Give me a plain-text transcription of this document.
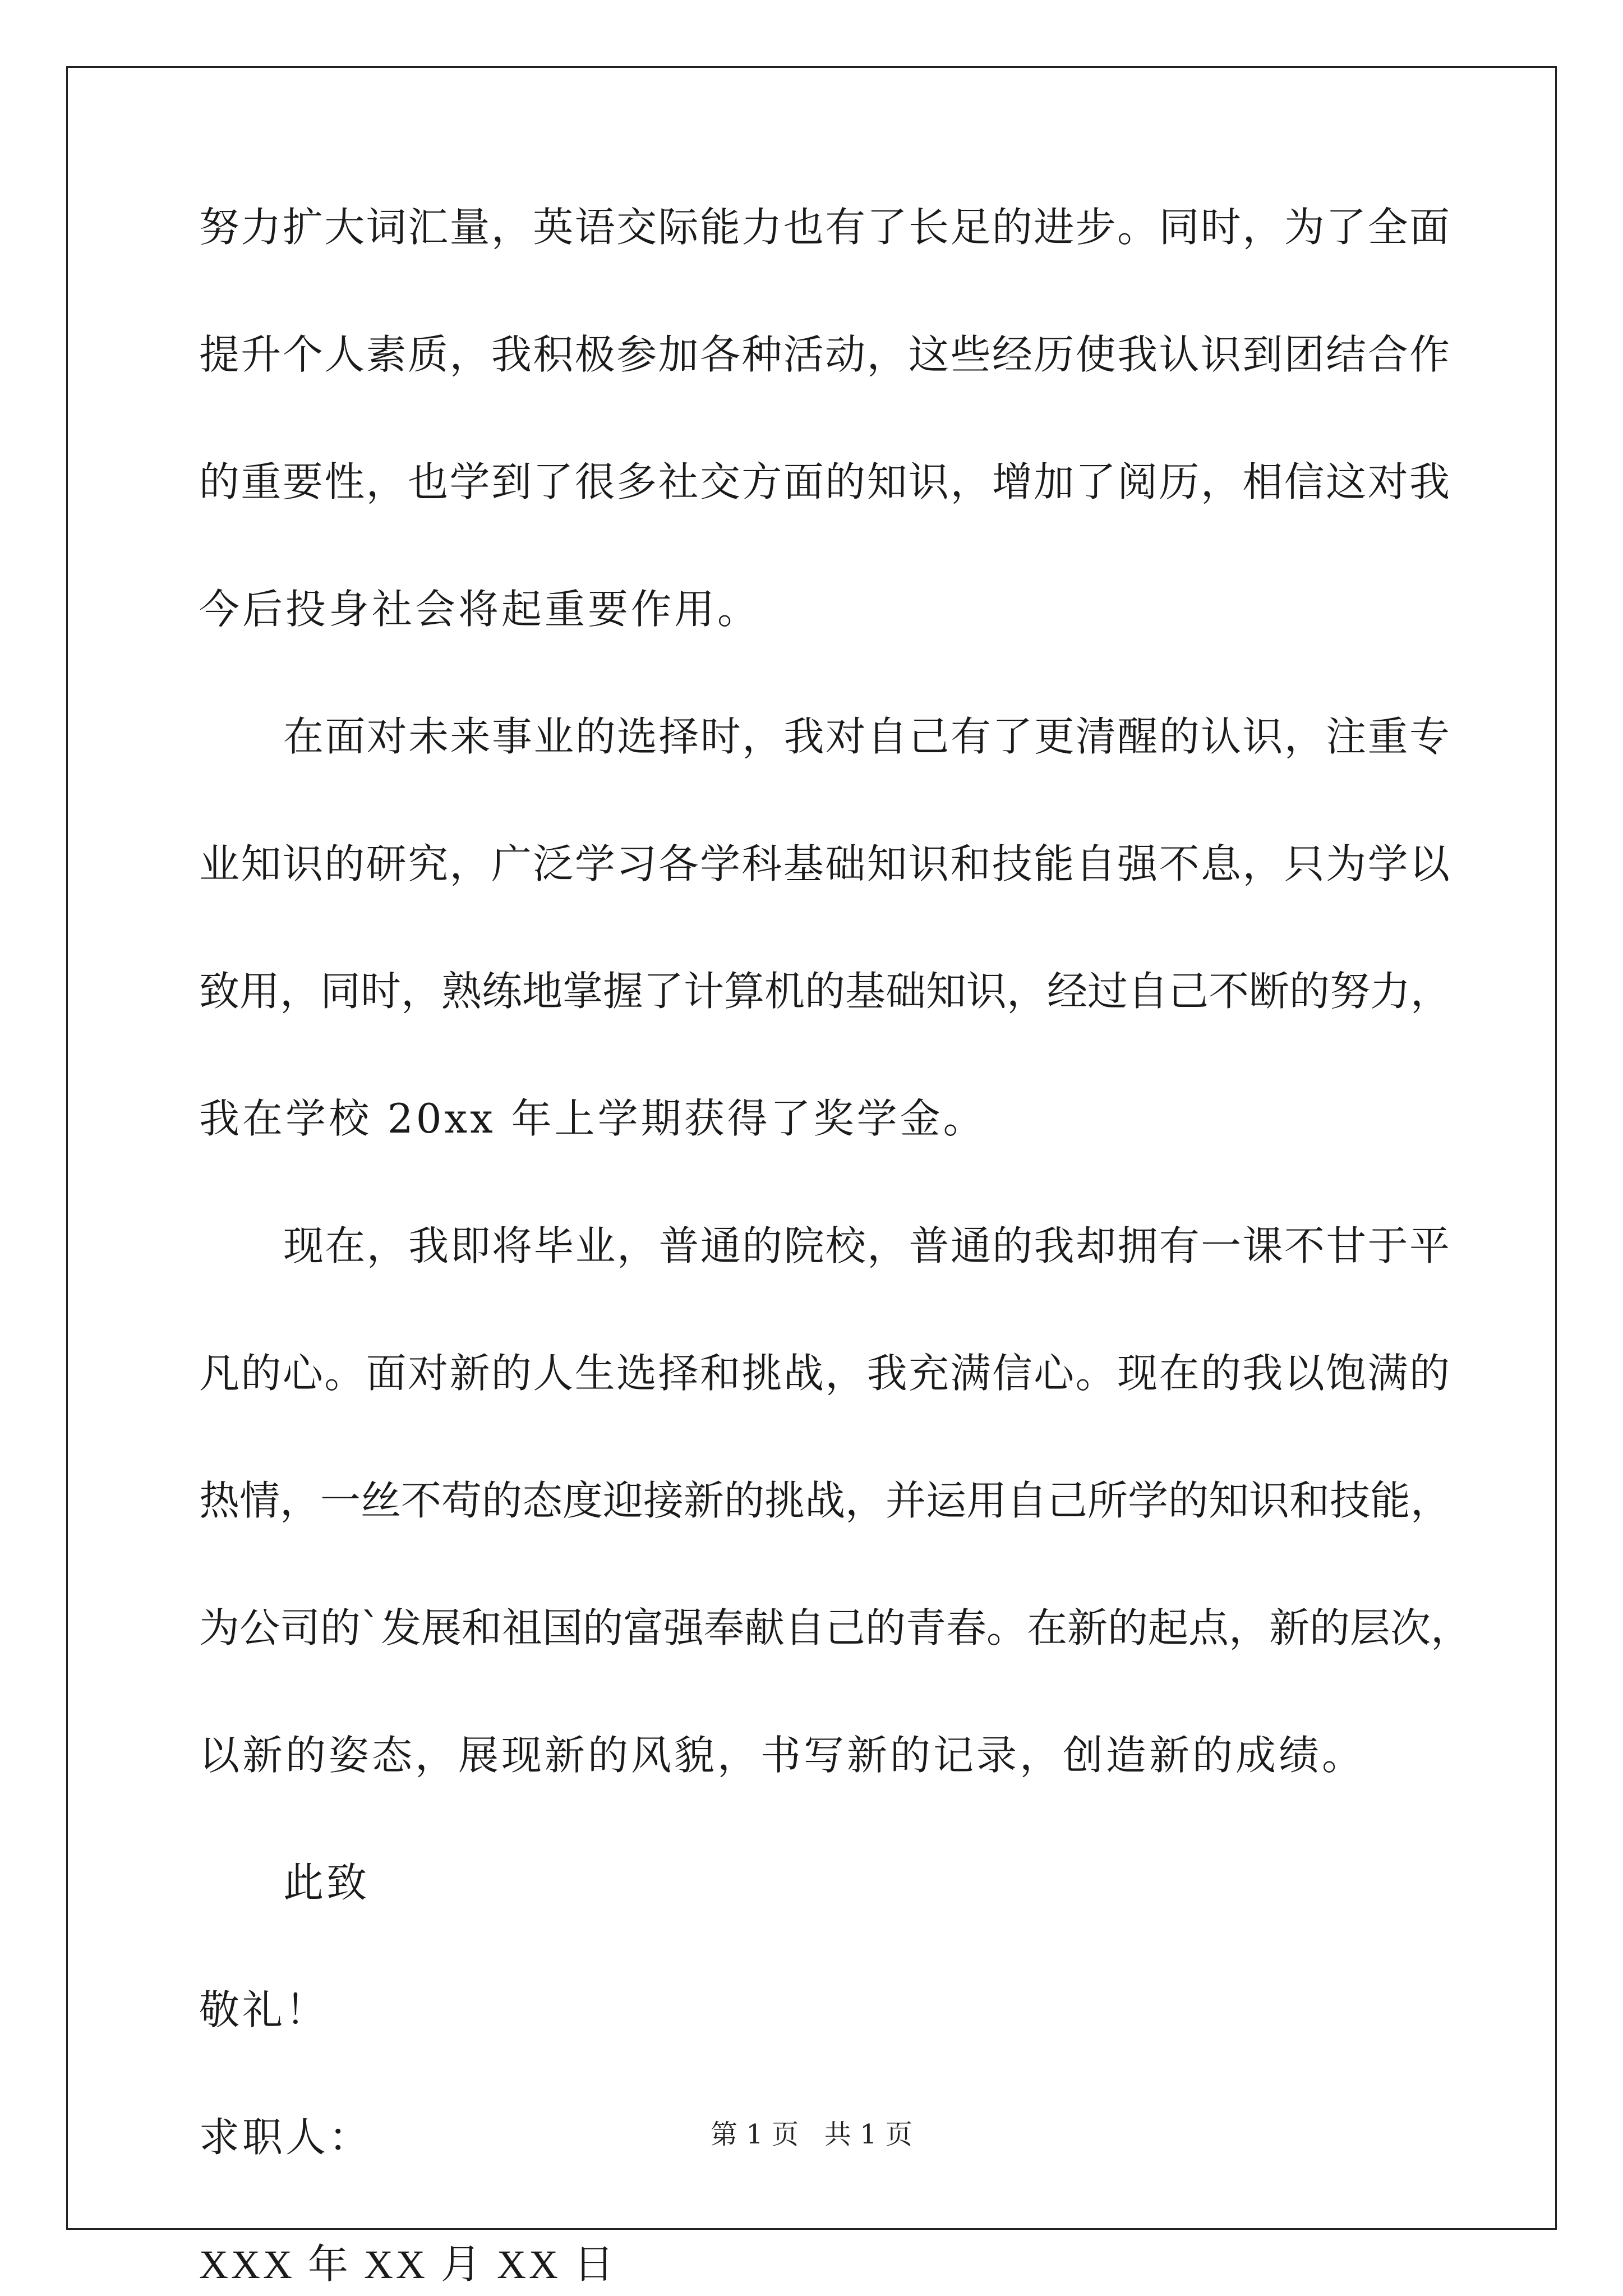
努力扩大词汇量，英语交际能力也有了长足的进步。同时，为了全面
提升个人素质，我积极参加各种活动，这些经历使我认识到团结合作
的重要性，也学到了很多社交方面的知识，增加了阅历，相信这对我
今后投身社会将起重要作用。
在面对未来事业的选择时，我对自己有了更清醒的认识，注重专
业知识的研究，广泛学习各学科基础知识和技能自强不息，只为学以
致用，同时，熟练地掌握了计算机的基础知识，经过自己不断的努力，
我在学校 20xx 年上学期获得了奖学金。
现在，我即将毕业，普通的院校，普通的我却拥有一课不甘于平
凡的心。面对新的人生选择和挑战，我充满信心。现在的我以饱满的
热情，一丝不苟的态度迎接新的挑战，并运用自己所学的知识和技能，
为公司的`发展和祖国的富强奉献自己的青春。在新的起点，新的层次，
以新的姿态，展现新的风貌，书写新的记录，创造新的成绩。
此致
敬礼！
求职人：
XXX 年 XX 月 XX 日
第 1 页   共 1 页
